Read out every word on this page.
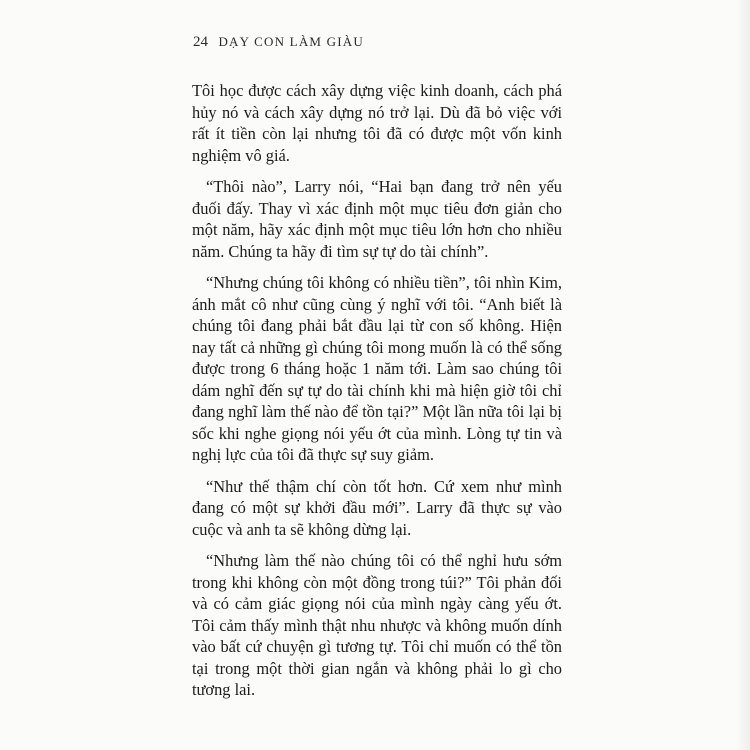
24 DẠY CON LÀM GIÀU

Tôi học được cách xây dựng việc kinh doanh, cách phá hủy nó và cách xây dựng nó trở lại. Dù đã bỏ việc với rất ít tiền còn lại nhưng tôi đã có được một vốn kinh nghiệm vô giá.

“Thôi nào”, Larry nói, “Hai bạn đang trở nên yếu đuối đấy. Thay vì xác định một mục tiêu đơn giản cho một năm, hãy xác định một mục tiêu lớn hơn cho nhiều năm. Chúng ta hãy đi tìm sự tự do tài chính”.

“Nhưng chúng tôi không có nhiều tiền”, tôi nhìn Kim, ánh mắt cô như cũng cùng ý nghĩ với tôi. “Anh biết là chúng tôi đang phải bắt đầu lại từ con số không. Hiện nay tất cả những gì chúng tôi mong muốn là có thể sống được trong 6 tháng hoặc 1 năm tới. Làm sao chúng tôi dám nghĩ đến sự tự do tài chính khi mà hiện giờ tôi chỉ đang nghĩ làm thế nào để tồn tại?” Một lần nữa tôi lại bị sốc khi nghe giọng nói yếu ớt của mình. Lòng tự tin và nghị lực của tôi đã thực sự suy giảm.

“Như thế thậm chí còn tốt hơn. Cứ xem như mình đang có một sự khởi đầu mới”. Larry đã thực sự vào cuộc và anh ta sẽ không dừng lại.

“Nhưng làm thế nào chúng tôi có thể nghỉ hưu sớm trong khi không còn một đồng trong túi?” Tôi phản đối và có cảm giác giọng nói của mình ngày càng yếu ớt. Tôi cảm thấy mình thật nhu nhược và không muốn dính vào bất cứ chuyện gì tương tự. Tôi chỉ muốn có thể tồn tại trong một thời gian ngắn và không phải lo gì cho tương lai.
